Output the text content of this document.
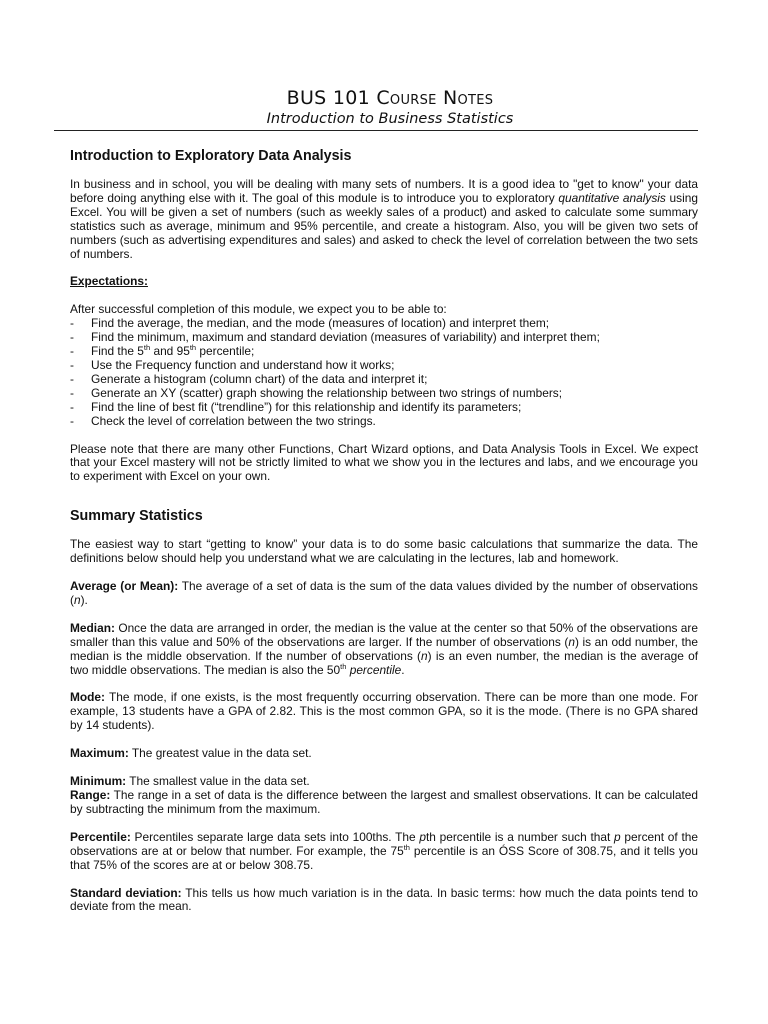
BUS 101 Course Notes
Introduction to Business Statistics
Introduction to Exploratory Data Analysis

In business and in school, you will be dealing with many sets of numbers. It is a good idea to "get to know" your data before doing anything else with it. The goal of this module is to introduce you to exploratory quantitative analysis using Excel. You will be given a set of numbers (such as weekly sales of a product) and asked to calculate some summary statistics such as average, minimum and 95% percentile, and create a histogram. Also, you will be given two sets of numbers (such as advertising expenditures and sales) and asked to check the level of correlation between the two sets of numbers.

Expectations:

After successful completion of this module, we expect you to be able to:

- Find the average, the median, and the mode (measures of location) and interpret them;
- Find the minimum, maximum and standard deviation (measures of variability) and interpret them;
- Find the 5th and 95th percentile;
- Use the Frequency function and understand how it works;
- Generate a histogram (column chart) of the data and interpret it;
- Generate an XY (scatter) graph showing the relationship between two strings of numbers;
- Find the line of best fit (“trendline”) for this relationship and identify its parameters;
- Check the level of correlation between the two strings.

Please note that there are many other Functions, Chart Wizard options, and Data Analysis Tools in Excel. We expect that your Excel mastery will not be strictly limited to what we show you in the lectures and labs, and we encourage you to experiment with Excel on your own.

Summary Statistics

The easiest way to start “getting to know” your data is to do some basic calculations that summarize the data. The definitions below should help you understand what we are calculating in the lectures, lab and homework.

Average (or Mean): The average of a set of data is the sum of the data values divided by the number of observations (n).

Median: Once the data are arranged in order, the median is the value at the center so that 50% of the observations are smaller than this value and 50% of the observations are larger. If the number of observations (n) is an odd number, the median is the middle observation. If the number of observations (n) is an even number, the median is the average of two middle observations. The median is also the 50th percentile.

Mode: The mode, if one exists, is the most frequently occurring observation. There can be more than one mode. For example, 13 students have a GPA of 2.82. This is the most common GPA, so it is the mode. (There is no GPA shared by 14 students).

Maximum: The greatest value in the data set.

Minimum: The smallest value in the data set.

Range: The range in a set of data is the difference between the largest and smallest observations. It can be calculated by subtracting the minimum from the maximum.

Percentile: Percentiles separate large data sets into 100ths. The pth percentile is a number such that p percent of the observations are at or below that number. For example, the 75th percentile is an ÓSS Score of 308.75, and it tells you that 75% of the scores are at or below 308.75.

Standard deviation: This tells us how much variation is in the data. In basic terms: how much the data points tend to deviate from the mean.
